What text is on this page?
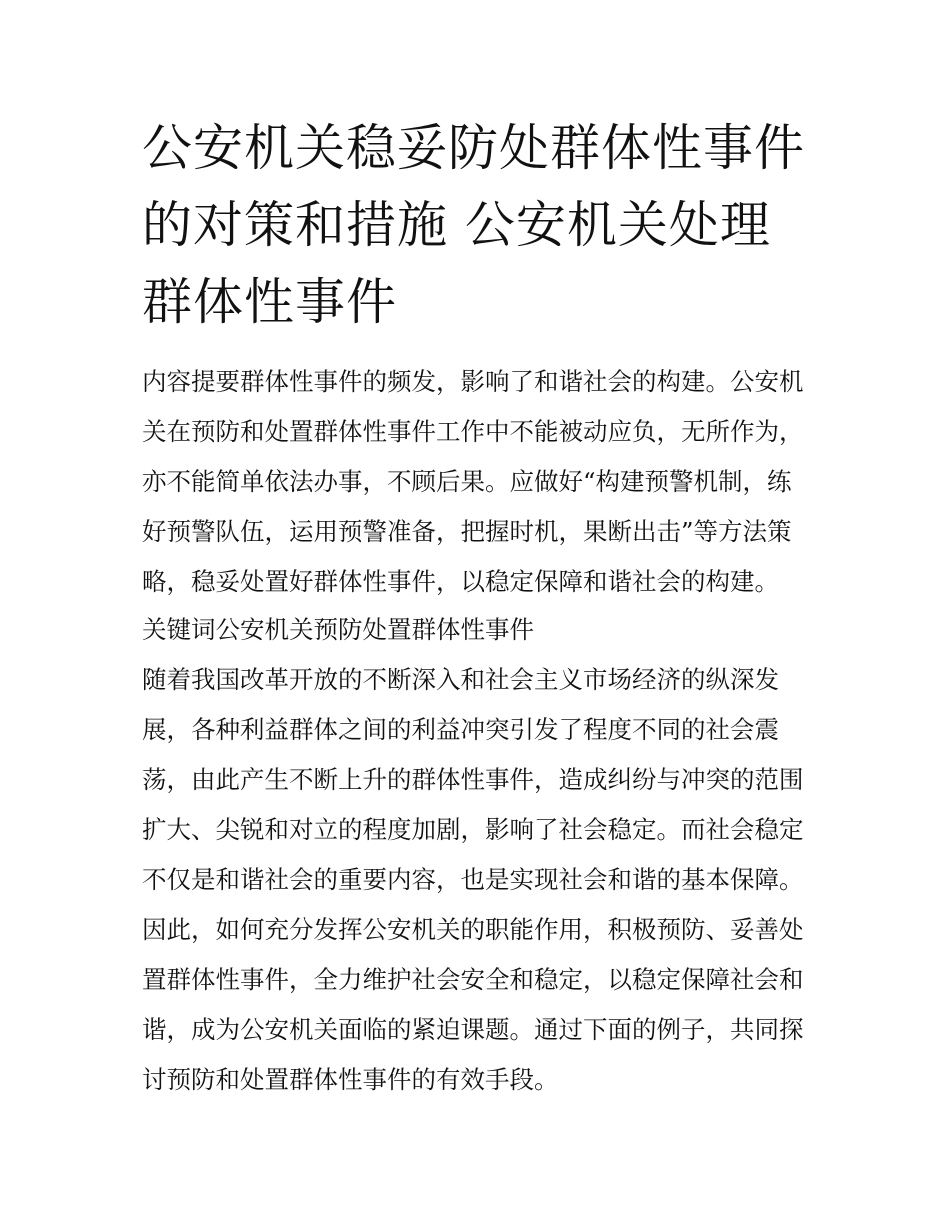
公安机关稳妥防处群体性事件的对策和措施 公安机关处理群体性事件

内容提要群体性事件的频发，影响了和谐社会的构建。公安机关在预防和处置群体性事件工作中不能被动应负，无所作为，亦不能简单依法办事，不顾后果。应做好“构建预警机制，练好预警队伍，运用预警准备，把握时机，果断出击”等方法策略，稳妥处置好群体性事件，以稳定保障和谐社会的构建。

关键词公安机关预防处置群体性事件

随着我国改革开放的不断深入和社会主义市场经济的纵深发展，各种利益群体之间的利益冲突引发了程度不同的社会震荡，由此产生不断上升的群体性事件，造成纠纷与冲突的范围扩大、尖锐和对立的程度加剧，影响了社会稳定。而社会稳定不仅是和谐社会的重要内容，也是实现社会和谐的基本保障。因此，如何充分发挥公安机关的职能作用，积极预防、妥善处置群体性事件，全力维护社会安全和稳定，以稳定保障社会和谐，成为公安机关面临的紧迫课题。通过下面的例子，共同探讨预防和处置群体性事件的有效手段。
